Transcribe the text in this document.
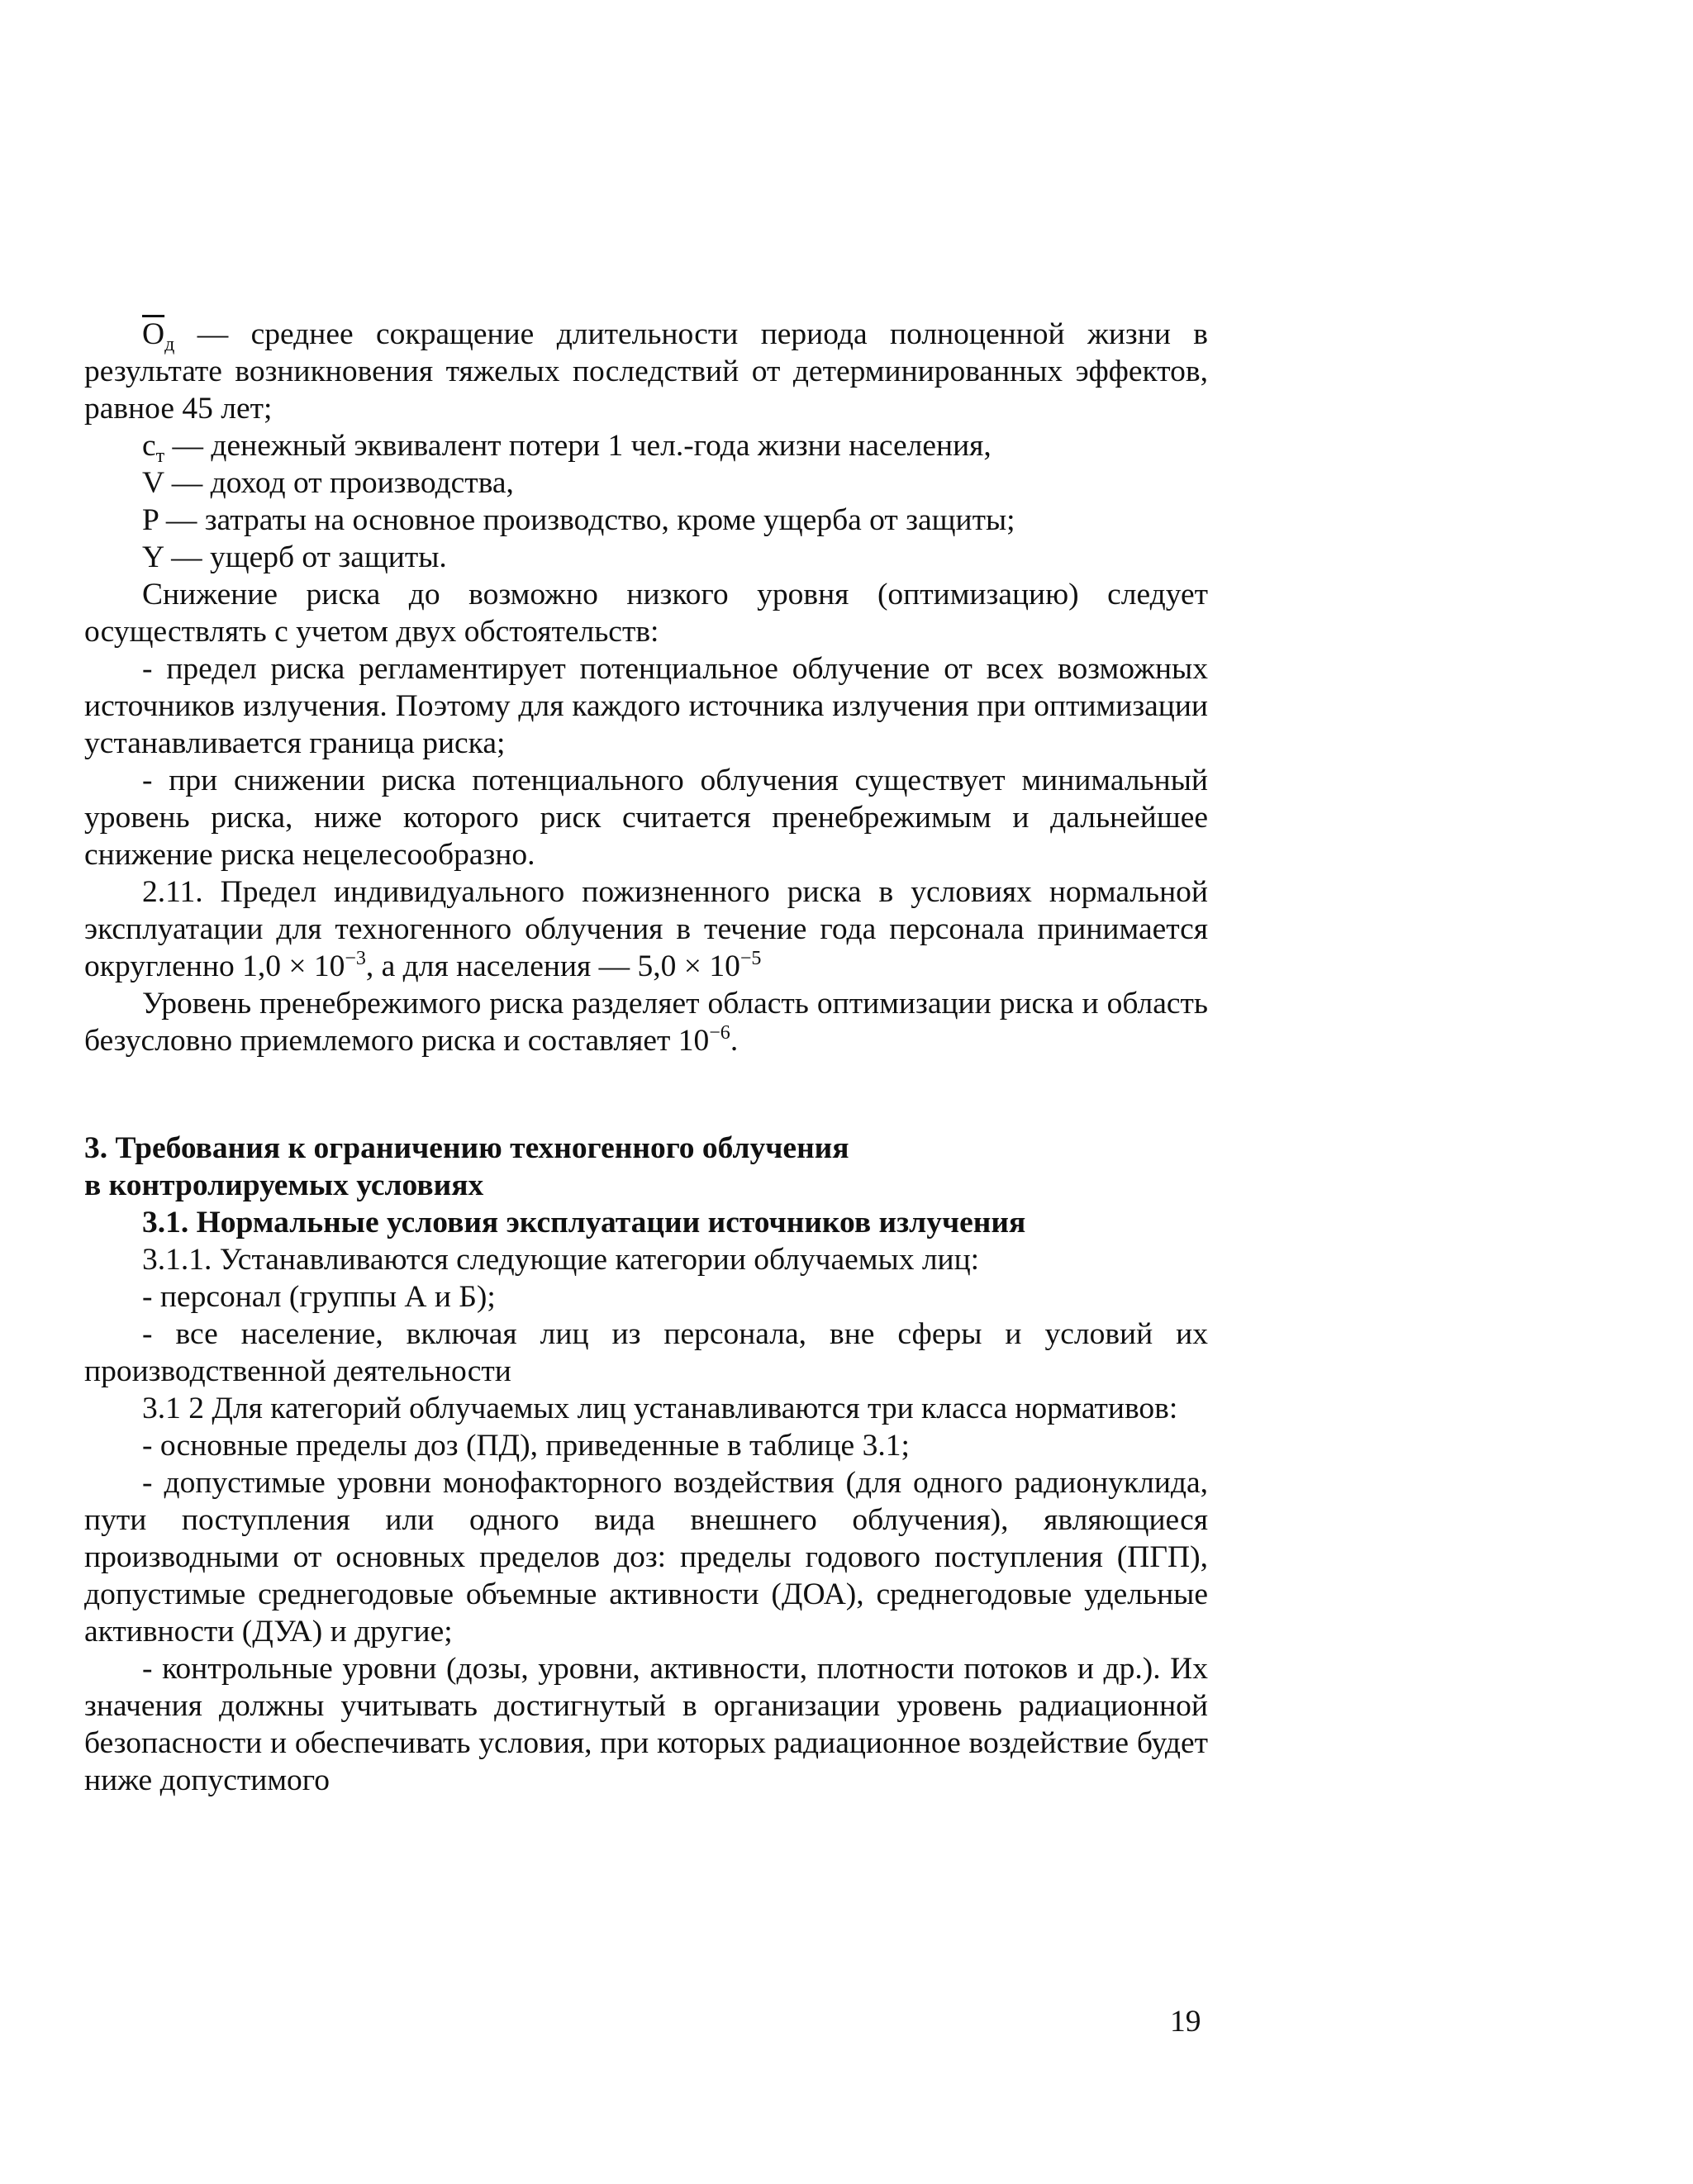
$\overline{O}_д$ — среднее сокращение длительности периода полноценной жизни в результате возникновения тяжелых последствий от детерминированных эффектов, равное 45 лет;

$c_т$ — денежный эквивалент потери 1 чел.-года жизни населения,

V — доход от производства,

P — затраты на основное производство, кроме ущерба от защиты;

Y — ущерб от защиты.

Снижение риска до возможно низкого уровня (оптимизацию) следует осуществлять с учетом двух обстоятельств:

- предел риска регламентирует потенциальное облучение от всех возможных источников излучения. Поэтому для каждого источника излучения при оптимизации устанавливается граница риска;

- при снижении риска потенциального облучения существует минимальный уровень риска, ниже которого риск считается пренебрежимым и дальнейшее снижение риска нецелесообразно.

2.11. Предел индивидуального пожизненного риска в условиях нормальной эксплуатации для техногенного облучения в течение года персонала принимается округленно $1,0 \times 10^{-3}$, а для населения — $5,0 \times 10^{-5}$

Уровень пренебрежимого риска разделяет область оптимизации риска и область безусловно приемлемого риска и составляет $10^{-6}$.

3. Требования к ограничению техногенного облучения

в контролируемых условиях

3.1. Нормальные условия эксплуатации источников излучения

3.1.1. Устанавливаются следующие категории облучаемых лиц:

- персонал (группы А и Б);

- все население, включая лиц из персонала, вне сферы и условий их производственной деятельности

3.1 2 Для категорий облучаемых лиц устанавливаются три класса нормативов:

- основные пределы доз (ПД), приведенные в таблице 3.1;

- допустимые уровни монофакторного воздействия (для одного радионуклида, пути поступления или одного вида внешнего облучения), являющиеся производными от основных пределов доз: пределы годового поступления (ПГП), допустимые среднегодовые объемные активности (ДОА), среднегодовые удельные активности (ДУА) и другие;

- контрольные уровни (дозы, уровни, активности, плотности потоков и др.). Их значения должны учитывать достигнутый в организации уровень радиационной безопасности и обеспечивать условия, при которых радиационное воздействие будет ниже допустимого

19
